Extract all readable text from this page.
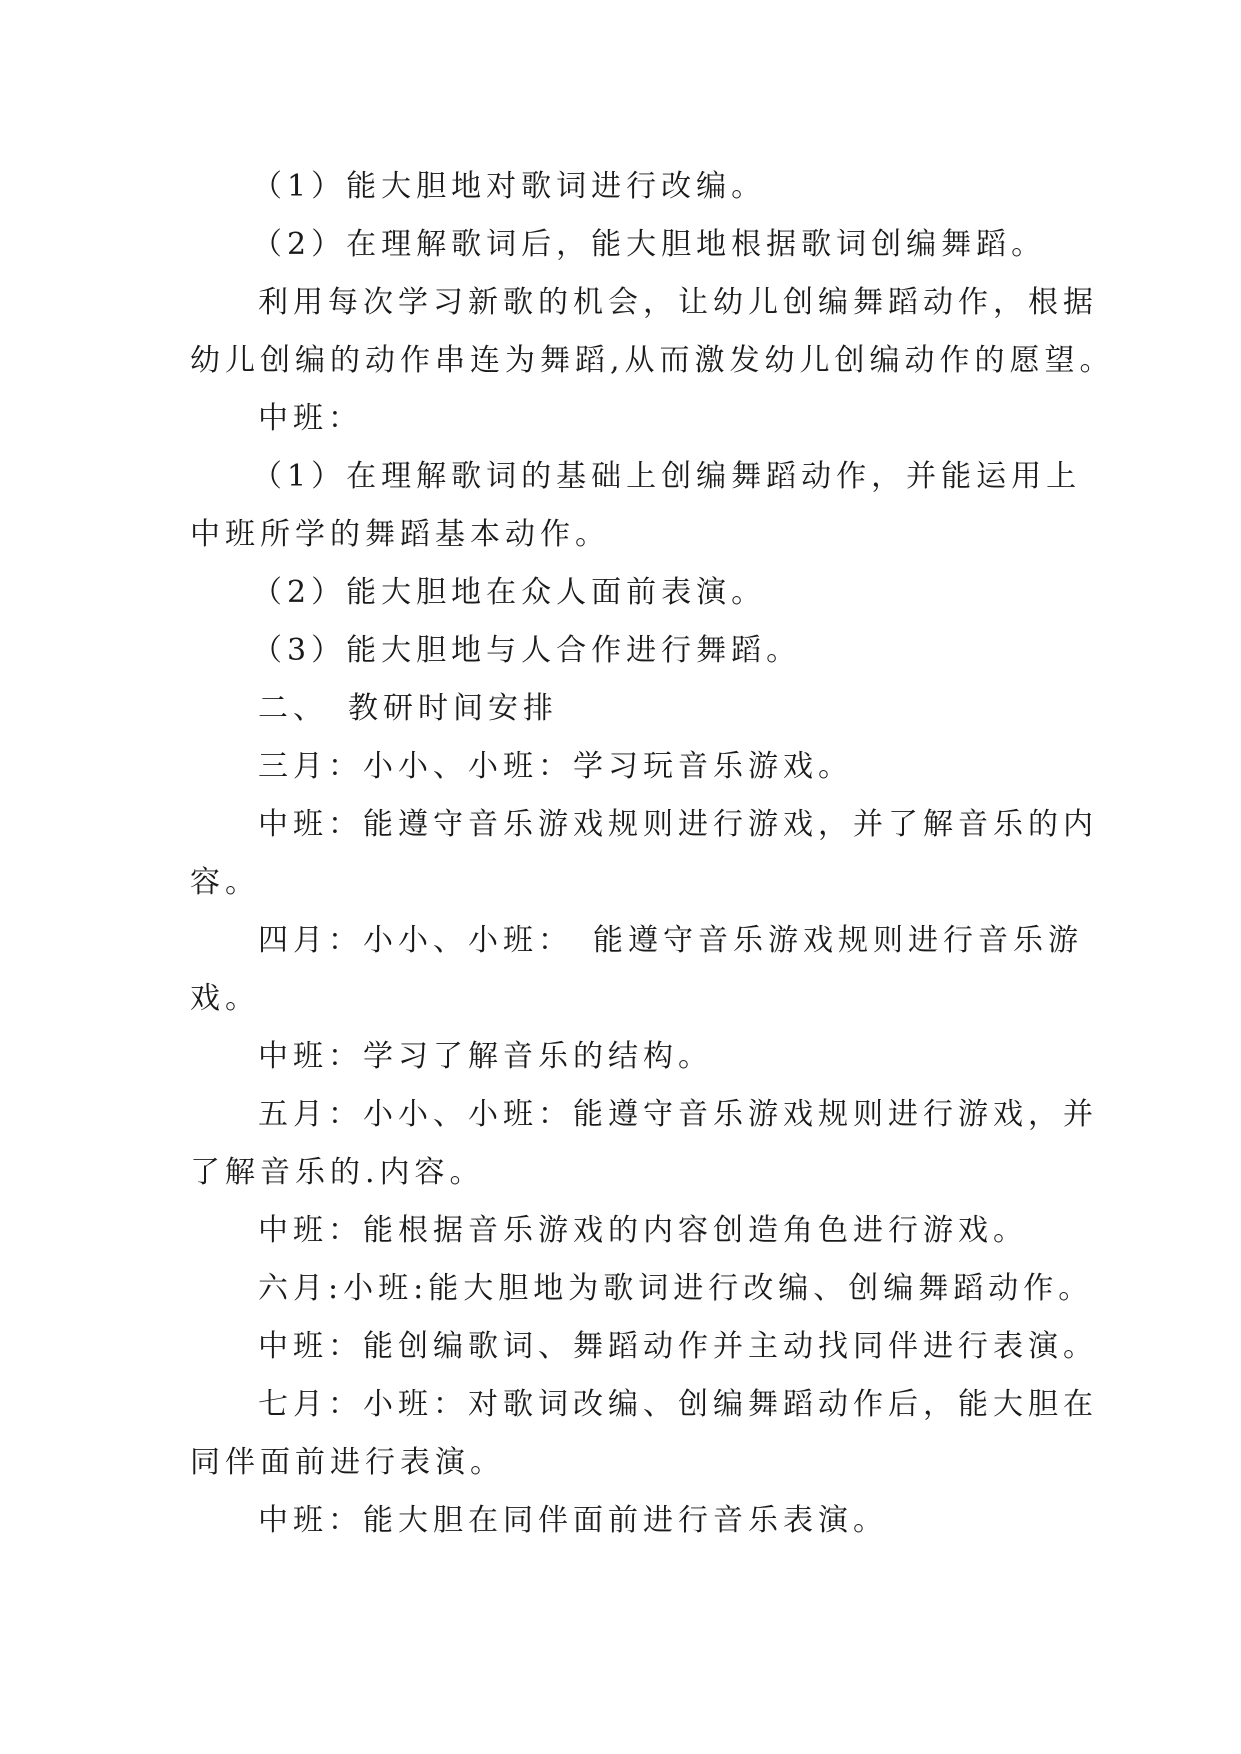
（1）能大胆地对歌词进行改编。

（2）在理解歌词后，能大胆地根据歌词创编舞蹈。

利用每次学习新歌的机会，让幼儿创编舞蹈动作，根据

幼儿创编的动作串连为舞蹈,从而激发幼儿创编动作的愿望。

中班：

（1）在理解歌词的基础上创编舞蹈动作，并能运用上

中班所学的舞蹈基本动作。

（2）能大胆地在众人面前表演。

（3）能大胆地与人合作进行舞蹈。

二、　教研时间安排

三月：小小、小班：学习玩音乐游戏。

中班：能遵守音乐游戏规则进行游戏，并了解音乐的内

容。

四月：小小、小班：　能遵守音乐游戏规则进行音乐游

戏。

中班：学习了解音乐的结构。

五月：小小、小班：能遵守音乐游戏规则进行游戏，并

了解音乐的.内容。

中班：能根据音乐游戏的内容创造角色进行游戏。

六月:小班:能大胆地为歌词进行改编、创编舞蹈动作。

中班：能创编歌词、舞蹈动作并主动找同伴进行表演。

七月：小班：对歌词改编、创编舞蹈动作后，能大胆在

同伴面前进行表演。

中班：能大胆在同伴面前进行音乐表演。
